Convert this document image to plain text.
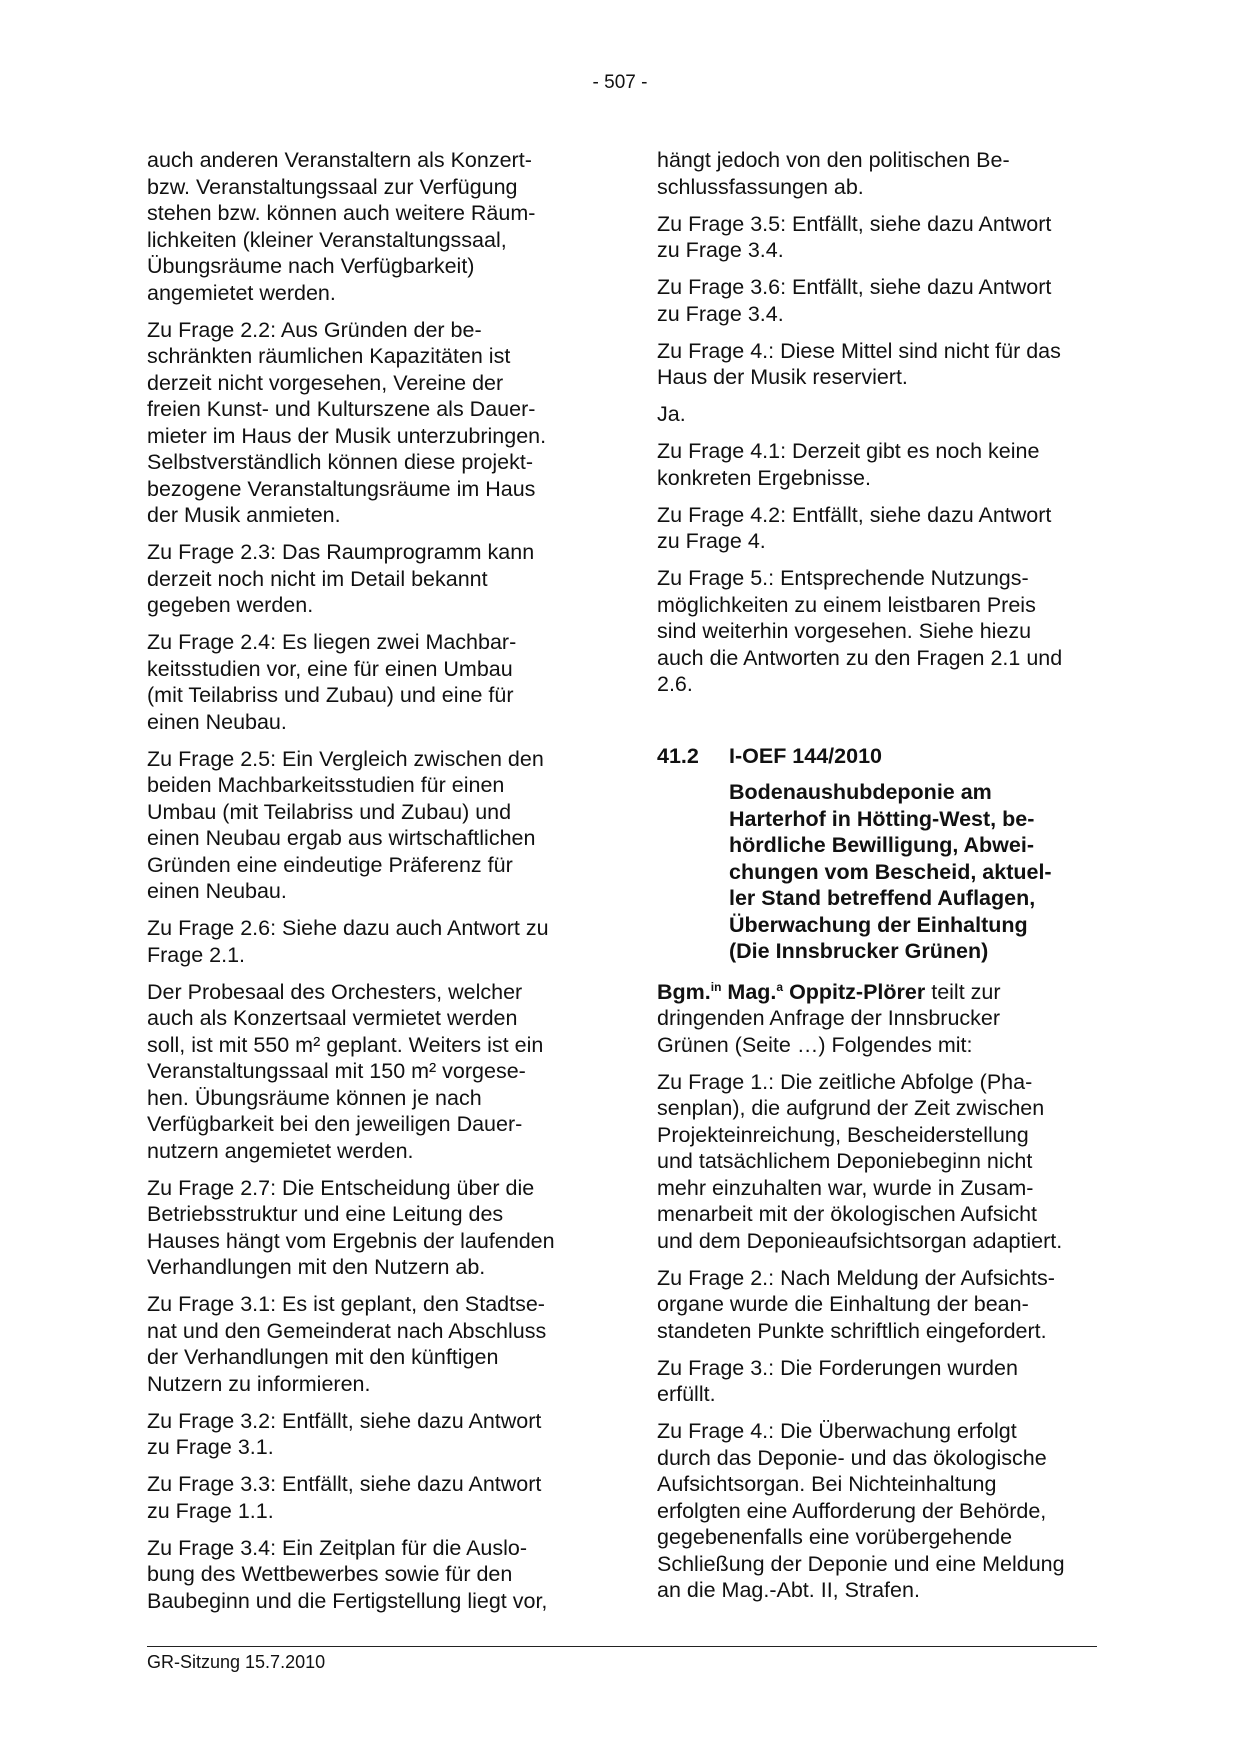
- 507 -

auch anderen Veranstaltern als Konzert-
bzw. Veranstaltungssaal zur Verfügung
stehen bzw. können auch weitere Räum-
lichkeiten (kleiner Veranstaltungssaal,
Übungsräume nach Verfügbarkeit)
angemietet werden.

Zu Frage 2.2: Aus Gründen der be-
schränkten räumlichen Kapazitäten ist
derzeit nicht vorgesehen, Vereine der
freien Kunst- und Kulturszene als Dauer-
mieter im Haus der Musik unterzubringen.
Selbstverständlich können diese projekt-
bezogene Veranstaltungsräume im Haus
der Musik anmieten.

Zu Frage 2.3: Das Raumprogramm kann
derzeit noch nicht im Detail bekannt
gegeben werden.

Zu Frage 2.4: Es liegen zwei Machbar-
keitsstudien vor, eine für einen Umbau
(mit Teilabriss und Zubau) und eine für
einen Neubau.

Zu Frage 2.5: Ein Vergleich zwischen den
beiden Machbarkeitsstudien für einen
Umbau (mit Teilabriss und Zubau) und
einen Neubau ergab aus wirtschaftlichen
Gründen eine eindeutige Präferenz für
einen Neubau.

Zu Frage 2.6: Siehe dazu auch Antwort zu
Frage 2.1.

Der Probesaal des Orchesters, welcher
auch als Konzertsaal vermietet werden
soll, ist mit 550 m² geplant. Weiters ist ein
Veranstaltungssaal mit 150 m² vorgese-
hen. Übungsräume können je nach
Verfügbarkeit bei den jeweiligen Dauer-
nutzern angemietet werden.

Zu Frage 2.7: Die Entscheidung über die
Betriebsstruktur und eine Leitung des
Hauses hängt vom Ergebnis der laufenden
Verhandlungen mit den Nutzern ab.

Zu Frage 3.1: Es ist geplant, den Stadtse-
nat und den Gemeinderat nach Abschluss
der Verhandlungen mit den künftigen
Nutzern zu informieren.

Zu Frage 3.2: Entfällt, siehe dazu Antwort
zu Frage 3.1.

Zu Frage 3.3: Entfällt, siehe dazu Antwort
zu Frage 1.1.

Zu Frage 3.4: Ein Zeitplan für die Auslo-
bung des Wettbewerbes sowie für den
Baubeginn und die Fertigstellung liegt vor,

hängt jedoch von den politischen Be-
schlussfassungen ab.

Zu Frage 3.5: Entfällt, siehe dazu Antwort
zu Frage 3.4.

Zu Frage 3.6: Entfällt, siehe dazu Antwort
zu Frage 3.4.

Zu Frage 4.: Diese Mittel sind nicht für das
Haus der Musik reserviert.

Ja.

Zu Frage 4.1: Derzeit gibt es noch keine
konkreten Ergebnisse.

Zu Frage 4.2: Entfällt, siehe dazu Antwort
zu Frage 4.

Zu Frage 5.: Entsprechende Nutzungs-
möglichkeiten zu einem leistbaren Preis
sind weiterhin vorgesehen. Siehe hiezu
auch die Antworten zu den Fragen 2.1 und
2.6.

41.2	I-OEF 144/2010
Bodenaushubdeponie am
Harterhof in Hötting-West, be-
hördliche Bewilligung, Abwei-
chungen vom Bescheid, aktuel-
ler Stand betreffend Auflagen,
Überwachung der Einhaltung
(Die Innsbrucker Grünen)

Bgm.$^{in}$ Mag.$^a$ Oppitz-Plörer teilt zur
dringenden Anfrage der Innsbrucker
Grünen (Seite …) Folgendes mit:

Zu Frage 1.: Die zeitliche Abfolge (Pha-
senplan), die aufgrund der Zeit zwischen
Projekteinreichung, Bescheiderstellung
und tatsächlichem Deponiebeginn nicht
mehr einzuhalten war, wurde in Zusam-
menarbeit mit der ökologischen Aufsicht
und dem Deponieaufsichtsorgan adaptiert.

Zu Frage 2.: Nach Meldung der Aufsichts-
organe wurde die Einhaltung der bean-
standeten Punkte schriftlich eingefordert.

Zu Frage 3.: Die Forderungen wurden
erfüllt.

Zu Frage 4.: Die Überwachung erfolgt
durch das Deponie- und das ökologische
Aufsichtsorgan. Bei Nichteinhaltung
erfolgten eine Aufforderung der Behörde,
gegebenenfalls eine vorübergehende
Schließung der Deponie und eine Meldung
an die Mag.-Abt. II, Strafen.

GR-Sitzung 15.7.2010
